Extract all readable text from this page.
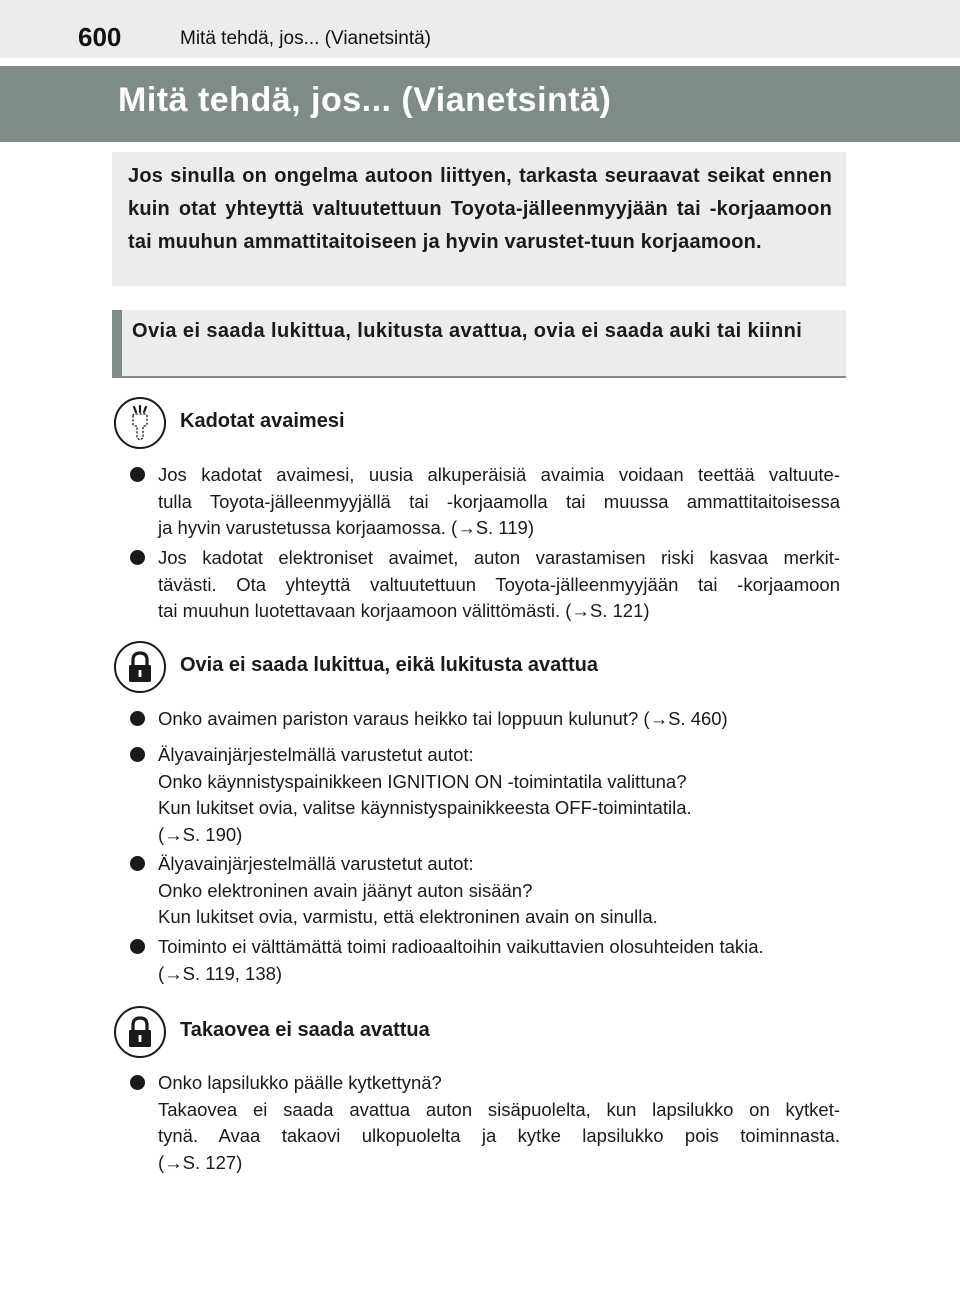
600	Mitä tehdä, jos... (Vianetsintä)
Mitä tehdä, jos... (Vianetsintä)
Jos sinulla on ongelma autoon liittyen, tarkasta seuraavat seikat ennen kuin otat yhteyttä valtuutettuun Toyota-jälleenmyyjään tai -korjaamoon tai muuhun ammattitaitoiseen ja hyvin varustet-tuun korjaamoon.
Ovia ei saada lukittua, lukitusta avattua, ovia ei saada auki tai kiinni
Kadotat avaimesi
Jos kadotat avaimesi, uusia alkuperäisiä avaimia voidaan teettää valtuute-
tulla Toyota-jälleenmyyjällä tai -korjaamolla tai muussa ammattitaitoisessa
ja hyvin varustetussa korjaamossa. (→S. 119)
Jos kadotat elektroniset avaimet, auton varastamisen riski kasvaa merkit-
tävästi. Ota yhteyttä valtuutettuun Toyota-jälleenmyyjään tai -korjaamoon
tai muuhun luotettavaan korjaamoon välittömästi. (→S. 121)
Ovia ei saada lukittua, eikä lukitusta avattua
Onko avaimen pariston varaus heikko tai loppuun kulunut? (→S. 460)
Älyavainjärjestelmällä varustetut autot:
Onko käynnistyspainikkeen IGNITION ON -toimintatila valittuna?
Kun lukitset ovia, valitse käynnistyspainikkeesta OFF-toimintatila.
(→S. 190)
Älyavainjärjestelmällä varustetut autot:
Onko elektroninen avain jäänyt auton sisään?
Kun lukitset ovia, varmistu, että elektroninen avain on sinulla.
Toiminto ei välttämättä toimi radioaaltoihin vaikuttavien olosuhteiden takia.
(→S. 119, 138)
Takaovea ei saada avattua
Onko lapsilukko päälle kytkettynä?
Takaovea ei saada avattua auton sisäpuolelta, kun lapsilukko on kytket-
tynä. Avaa takaovi ulkopuolelta ja kytke lapsilukko pois toiminnasta.
(→S. 127)
